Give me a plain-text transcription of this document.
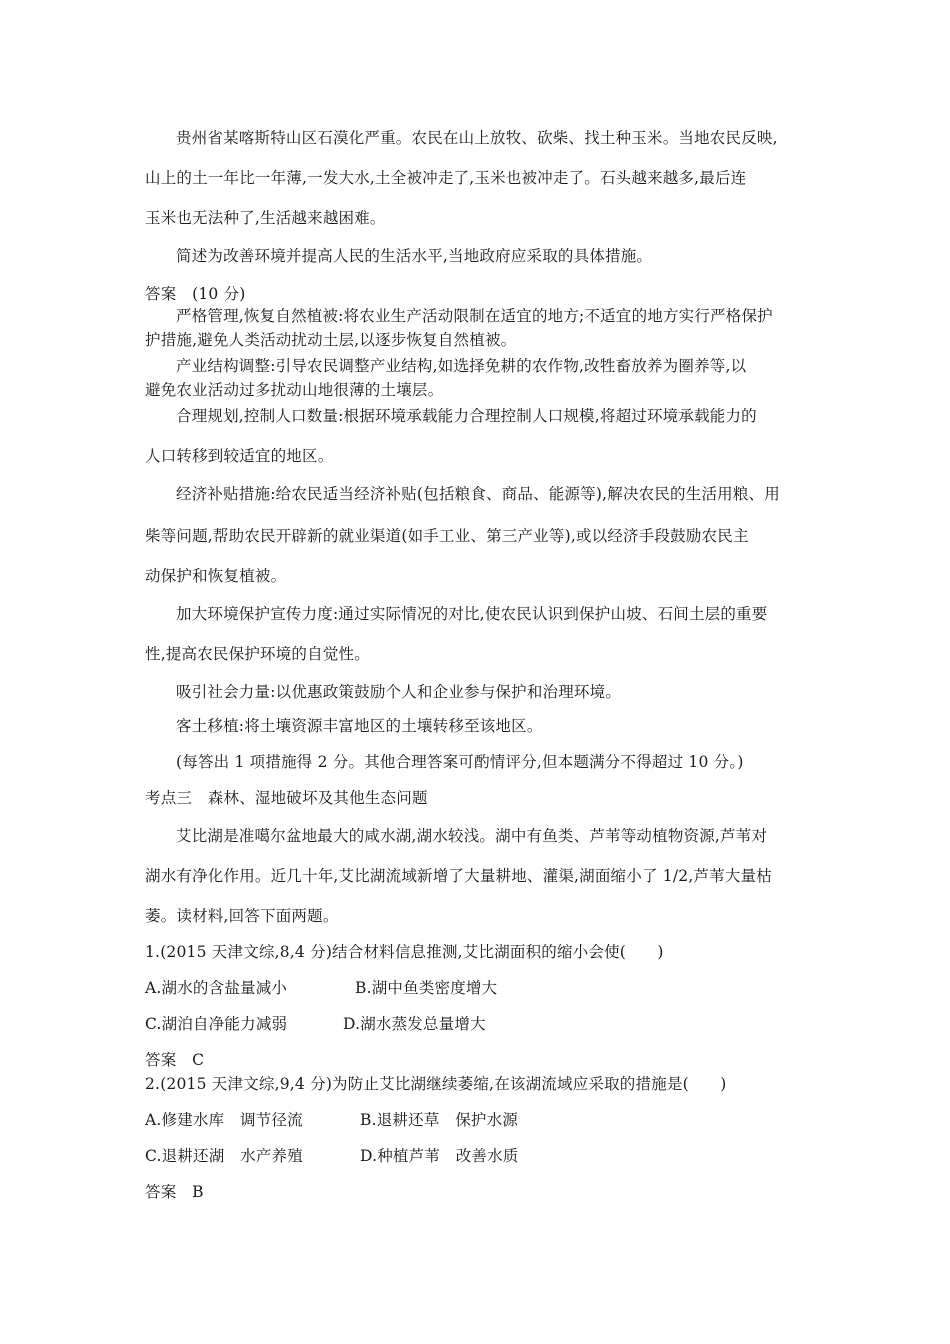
贵州省某喀斯特山区石漠化严重。农民在山上放牧、砍柴、找土种玉米。当地农民反映,
山上的土一年比一年薄,一发大水,土全被冲走了,玉米也被冲走了。石头越来越多,最后连
玉米也无法种了,生活越来越困难。
简述为改善环境并提高人民的生活水平,当地政府应采取的具体措施。
答案　(10 分)
严格管理,恢复自然植被:将农业生产活动限制在适宜的地方;不适宜的地方实行严格保护
护措施,避免人类活动扰动土层,以逐步恢复自然植被。
产业结构调整:引导农民调整产业结构,如选择免耕的农作物,改牲畜放养为圈养等,以
避免农业活动过多扰动山地很薄的土壤层。
合理规划,控制人口数量:根据环境承载能力合理控制人口规模,将超过环境承载能力的
人口转移到较适宜的地区。
经济补贴措施:给农民适当经济补贴(包括粮食、商品、能源等),解决农民的生活用粮、用
柴等问题,帮助农民开辟新的就业渠道(如手工业、第三产业等),或以经济手段鼓励农民主
动保护和恢复植被。
加大环境保护宣传力度:通过实际情况的对比,使农民认识到保护山坡、石间土层的重要
性,提高农民保护环境的自觉性。
吸引社会力量:以优惠政策鼓励个人和企业参与保护和治理环境。
客土移植:将土壤资源丰富地区的土壤转移至该地区。
(每答出 1 项措施得 2 分。其他合理答案可酌情评分,但本题满分不得超过 10 分。)
考点三　森林、湿地破坏及其他生态问题
艾比湖是准噶尔盆地最大的咸水湖,湖水较浅。湖中有鱼类、芦苇等动植物资源,芦苇对
湖水有净化作用。近几十年,艾比湖流域新增了大量耕地、灌渠,湖面缩小了 1/2,芦苇大量枯
萎。读材料,回答下面两题。
1.(2015 天津文综,8,4 分)结合材料信息推测,艾比湖面积的缩小会使(　　)
A.湖水的含盐量减小	B.湖中鱼类密度增大
C.湖泊自净能力减弱	D.湖水蒸发总量增大
答案　C
2.(2015 天津文综,9,4 分)为防止艾比湖继续萎缩,在该湖流域应采取的措施是(　　)
A.修建水库　调节径流	B.退耕还草　保护水源
C.退耕还湖　水产养殖	D.种植芦苇　改善水质
答案　B
